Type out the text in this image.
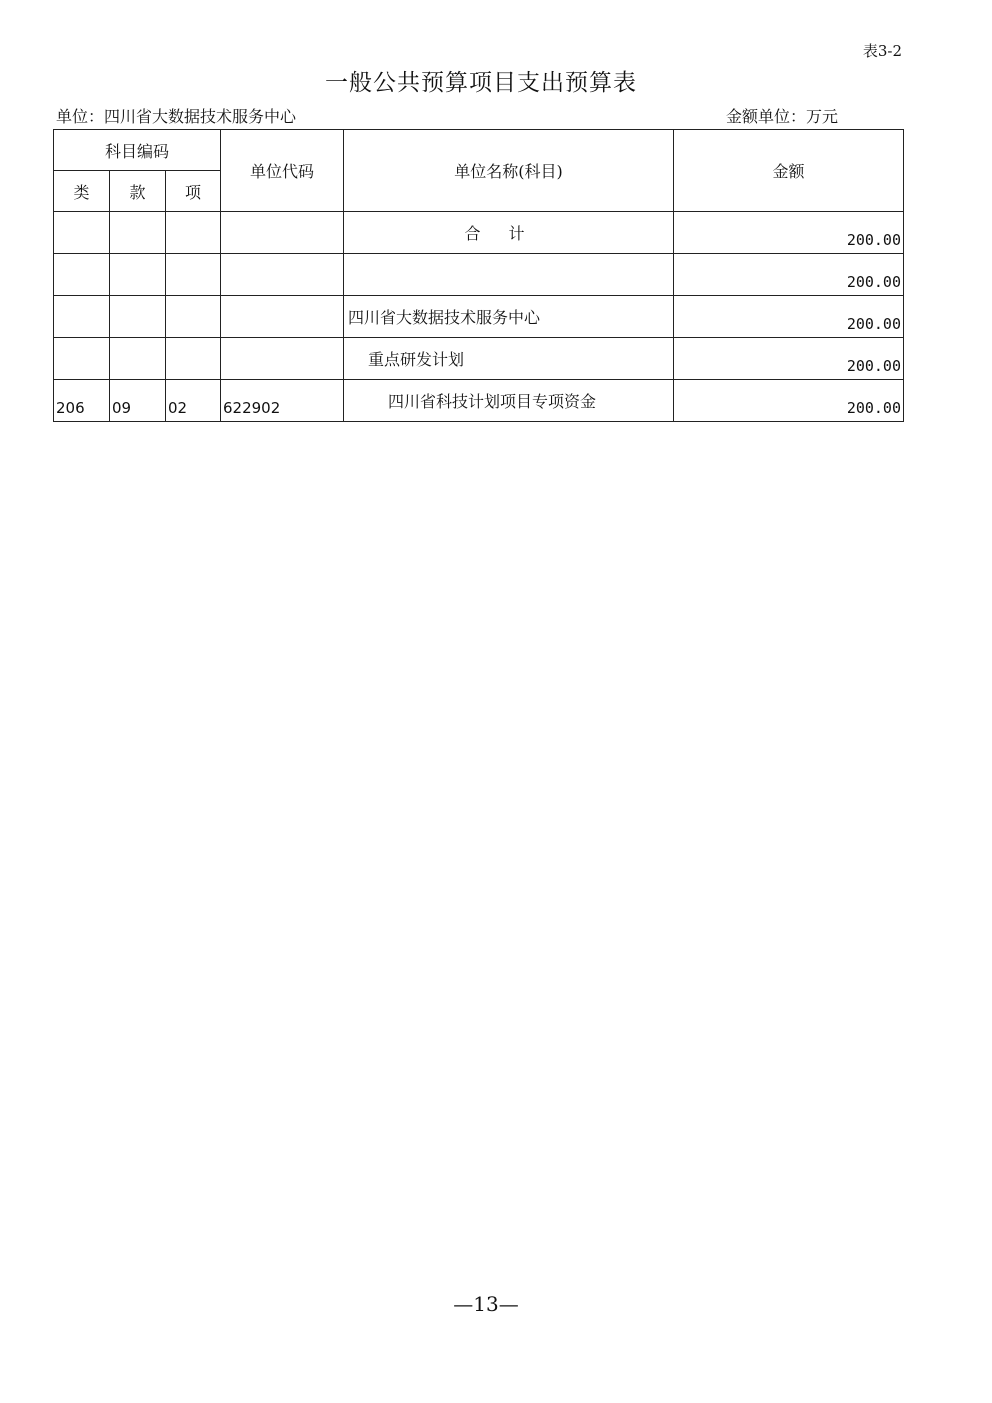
表3-2
一般公共预算项目支出预算表
单位：四川省大数据技术服务中心	金额单位：万元
科目编码			单位代码	单位名称(科目)	金额
类	款	项			
				合计	200.00
					200.00
				四川省大数据技术服务中心	200.00
				重点研发计划	200.00
206	09	02	622902	四川省科技计划项目专项资金	200.00
—13—
